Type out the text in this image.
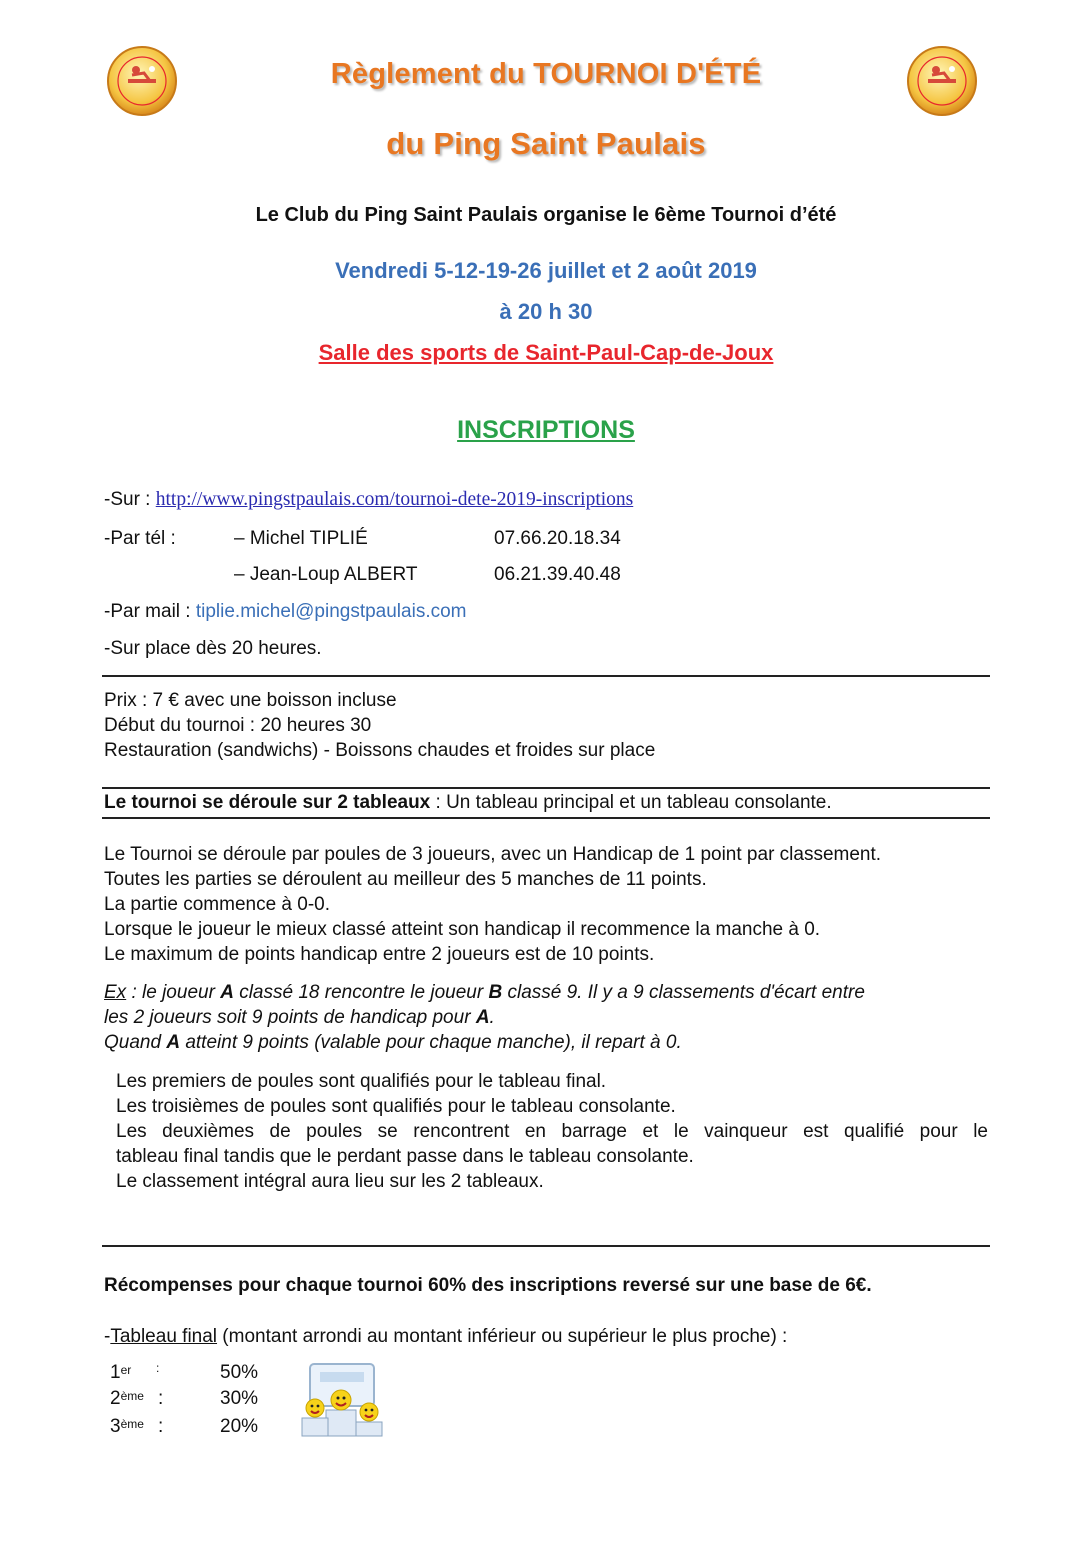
Règlement du TOURNOI D'ÉTÉ
du Ping Saint Paulais
Le Club du Ping Saint Paulais organise le 6ème Tournoi d’été
Vendredi 5-12-19-26 juillet et 2 août 2019
à 20 h 30
Salle des sports de Saint-Paul-Cap-de-Joux
INSCRIPTIONS
-Sur : http://www.pingstpaulais.com/tournoi-dete-2019-inscriptions
-Par tél :	– Michel TIPLIÉ	07.66.20.18.34
– Jean-Loup ALBERT	06.21.39.40.48
-Par mail : tiplie.michel@pingstpaulais.com
-Sur place dès 20 heures.
Prix : 7 € avec une boisson incluse
Début du tournoi : 20 heures 30
Restauration (sandwichs) - Boissons chaudes et froides sur place
Le tournoi se déroule sur 2 tableaux : Un tableau principal et un tableau consolante.
Le Tournoi se déroule par poules de 3 joueurs, avec un Handicap de 1 point par classement.
Toutes les parties se déroulent au meilleur des 5 manches de 11 points.
La partie commence à 0-0.
Lorsque le joueur le mieux classé atteint son handicap il recommence la manche à 0.
Le maximum de points handicap entre 2 joueurs est de 10 points.
Ex : le joueur A classé 18 rencontre le joueur B classé 9. Il y a 9 classements d'écart entre
les 2 joueurs soit 9 points de handicap pour A.
Quand A atteint 9 points (valable pour chaque manche), il repart à 0.
Les premiers de poules sont qualifiés pour le tableau final.
Les troisièmes de poules sont qualifiés pour le tableau consolante.
Les deuxièmes de poules se rencontrent en barrage et le vainqueur est qualifié pour le
tableau final tandis que le perdant passe dans le tableau consolante.
Le classement intégral aura lieu sur les 2 tableaux.
Récompenses pour chaque tournoi 60% des inscriptions reversé sur une base de 6€.
-Tableau final (montant arrondi au montant inférieur ou supérieur le plus proche) :
1er :	50%
2ème :	30%
3ème :	20%
